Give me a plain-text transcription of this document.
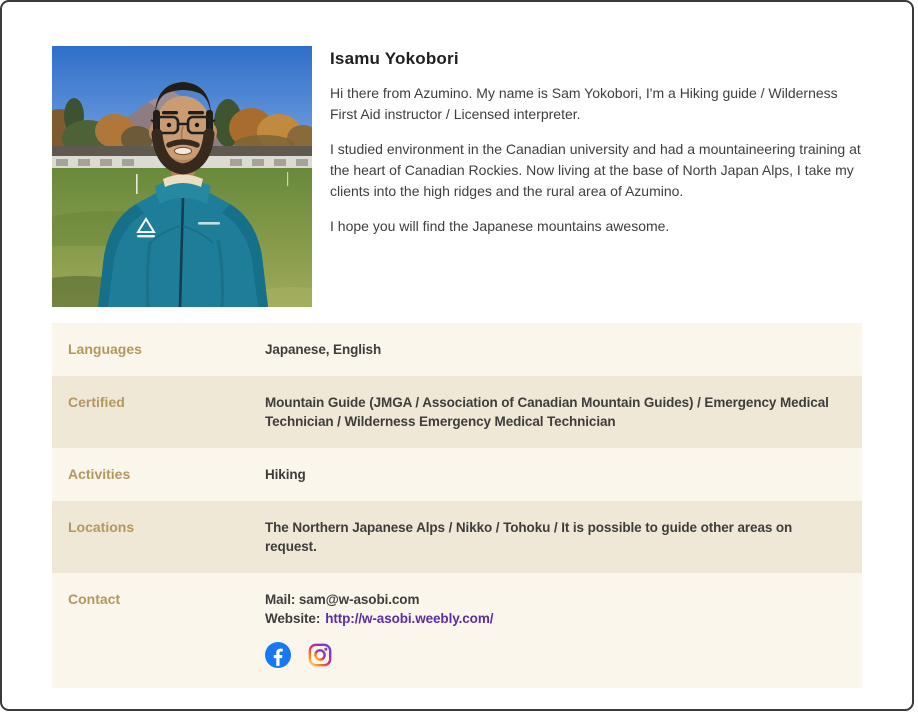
Isamu Yokobori

Hi there from Azumino. My name is Sam Yokobori, I'm a Hiking guide / Wilderness First Aid instructor / Licensed interpreter.

I studied environment in the Canadian university and had a mountaineering training at the heart of Canadian Rockies. Now living at the base of North Japan Alps, I take my clients into the high ridges and the rural area of Azumino.

I hope you will find the Japanese mountains awesome.

Languages	Japanese, English
Certified	Mountain Guide (JMGA / Association of Canadian Mountain Guides) / Emergency Medical Technician / Wilderness Emergency Medical Technician
Activities	Hiking
Locations	The Northern Japanese Alps / Nikko / Tohoku / It is possible to guide other areas on request.
Contact	Mail: sam@w-asobi.com
Website: http://w-asobi.weebly.com/
